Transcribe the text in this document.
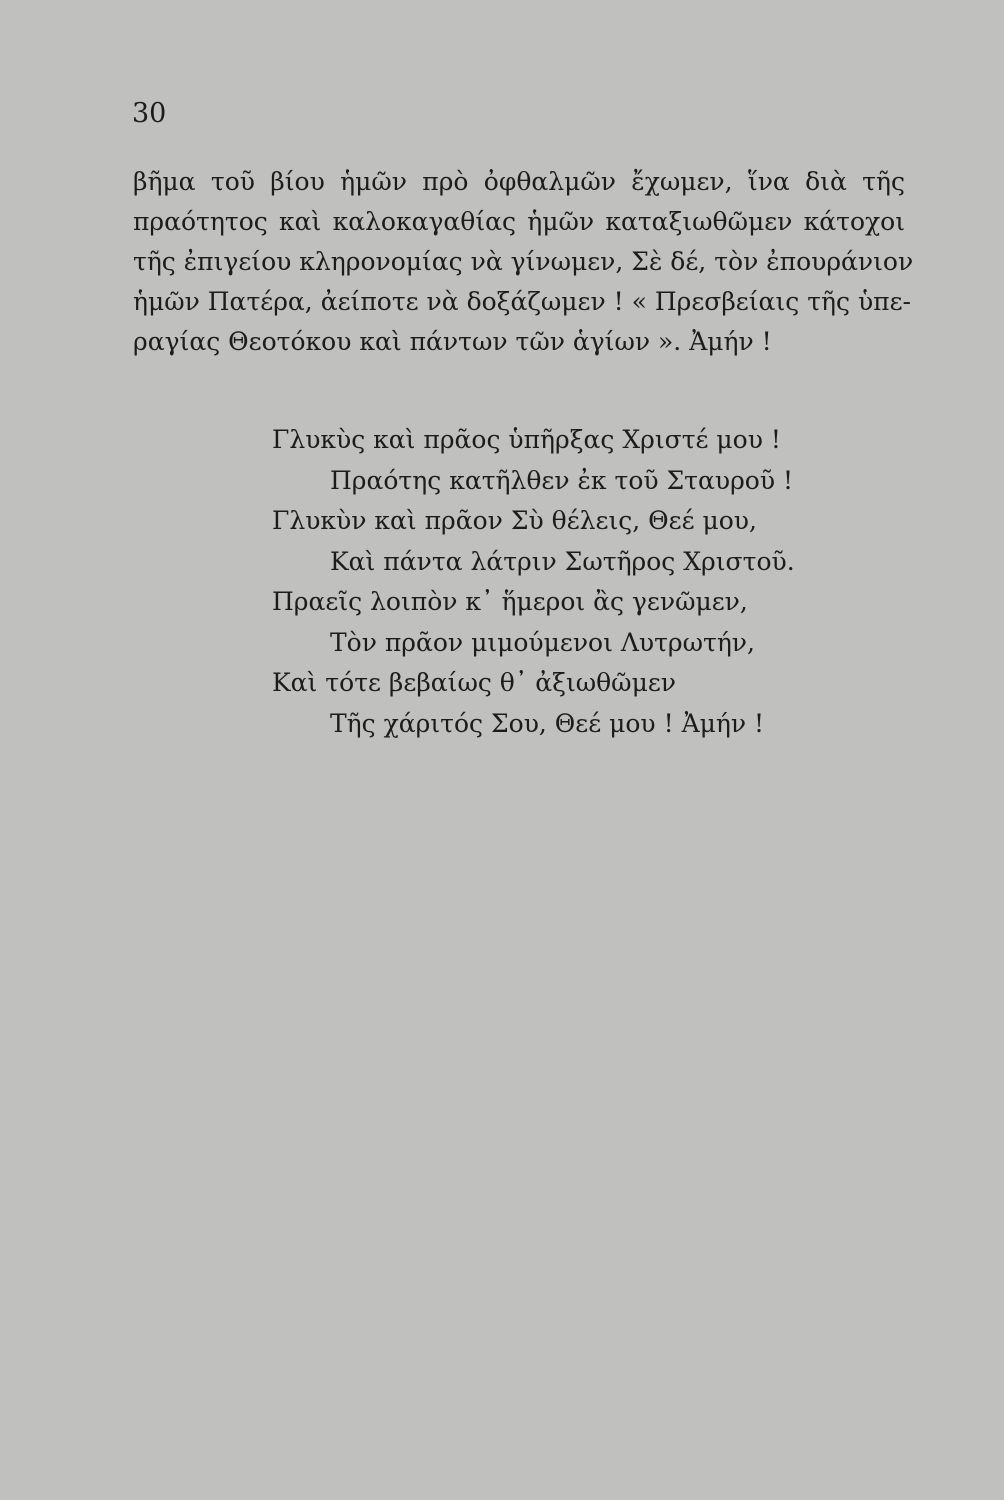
30
βῆμα τοῦ βίου ἡμῶν πρὸ ὀφθαλμῶν ἔχωμεν, ἵνα διὰ τῆς
πραότητος καὶ καλοκαγαθίας ἡμῶν καταξιωθῶμεν κάτοχοι
τῆς ἐπιγείου κληρονομίας νὰ γίνωμεν, Σὲ δέ, τὸν ἐπουράνιον
ἡμῶν Πατέρα, ἀείποτε νὰ δοξάζωμεν ! « Πρεσβείαις τῆς ὑπε-
ραγίας Θεοτόκου καὶ πάντων τῶν ἁγίων ». Ἀμήν !
Γλυκὺς καὶ πρᾶος ὑπῆρξας Χριστέ μου !
Πραότης κατῆλθεν ἐκ τοῦ Σταυροῦ !
Γλυκὺν καὶ πρᾶον Σὺ θέλεις, Θεέ μου,
Καὶ πάντα λάτριν Σωτῆρος Χριστοῦ.
Πραεῖς λοιπὸν κ᾽ ἥμεροι ἂς γενῶμεν,
Τὸν πρᾶον μιμούμενοι Λυτρωτήν,
Καὶ τότε βεβαίως θ᾽ ἀξιωθῶμεν
Τῆς χάριτός Σου, Θεέ μου ! Ἀμήν !
